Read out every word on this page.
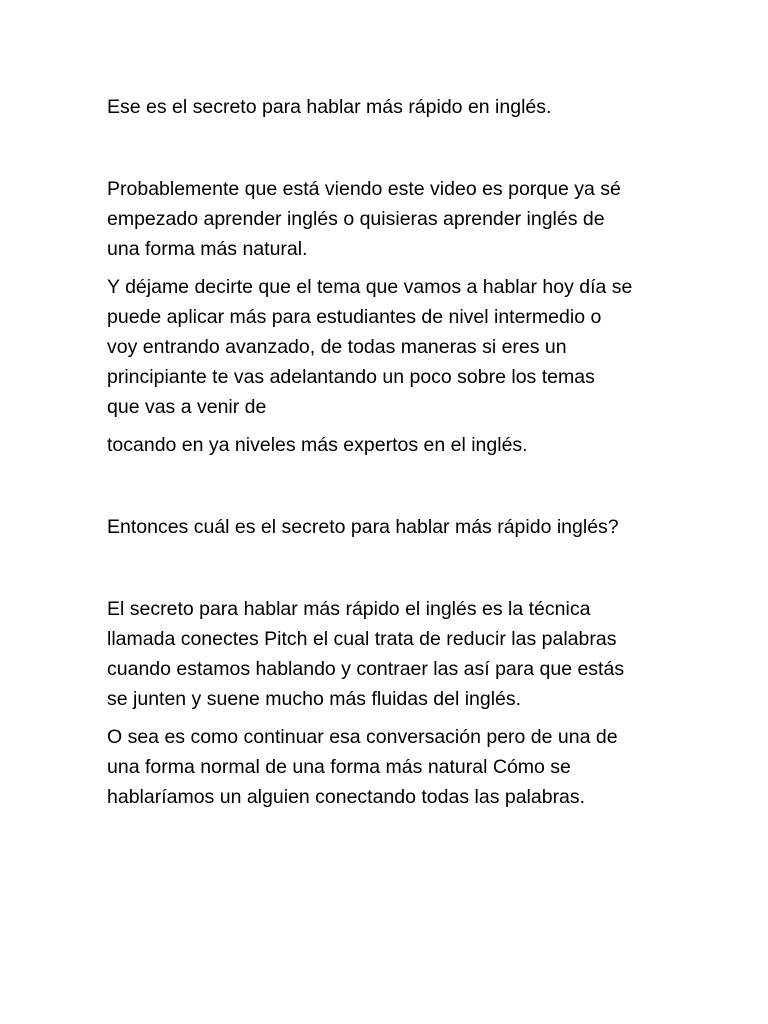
Ese es el secreto para hablar más rápido en inglés.

Probablemente que está viendo este video es porque ya sé
empezado aprender inglés o quisieras aprender inglés de
una forma más natural.

Y déjame decirte que el tema que vamos a hablar hoy día se
puede aplicar más para estudiantes de nivel intermedio o
voy entrando avanzado, de todas maneras si eres un
principiante te vas adelantando un poco sobre los temas
que vas a venir de

tocando en ya niveles más expertos en el inglés.

Entonces cuál es el secreto para hablar más rápido inglés?

El secreto para hablar más rápido el inglés es la técnica
llamada conectes Pitch el cual trata de reducir las palabras
cuando estamos hablando y contraer las así para que estás
se junten y suene mucho más fluidas del inglés.

O sea es como continuar esa conversación pero de una de
una forma normal de una forma más natural Cómo se
hablaríamos un alguien conectando todas las palabras.
